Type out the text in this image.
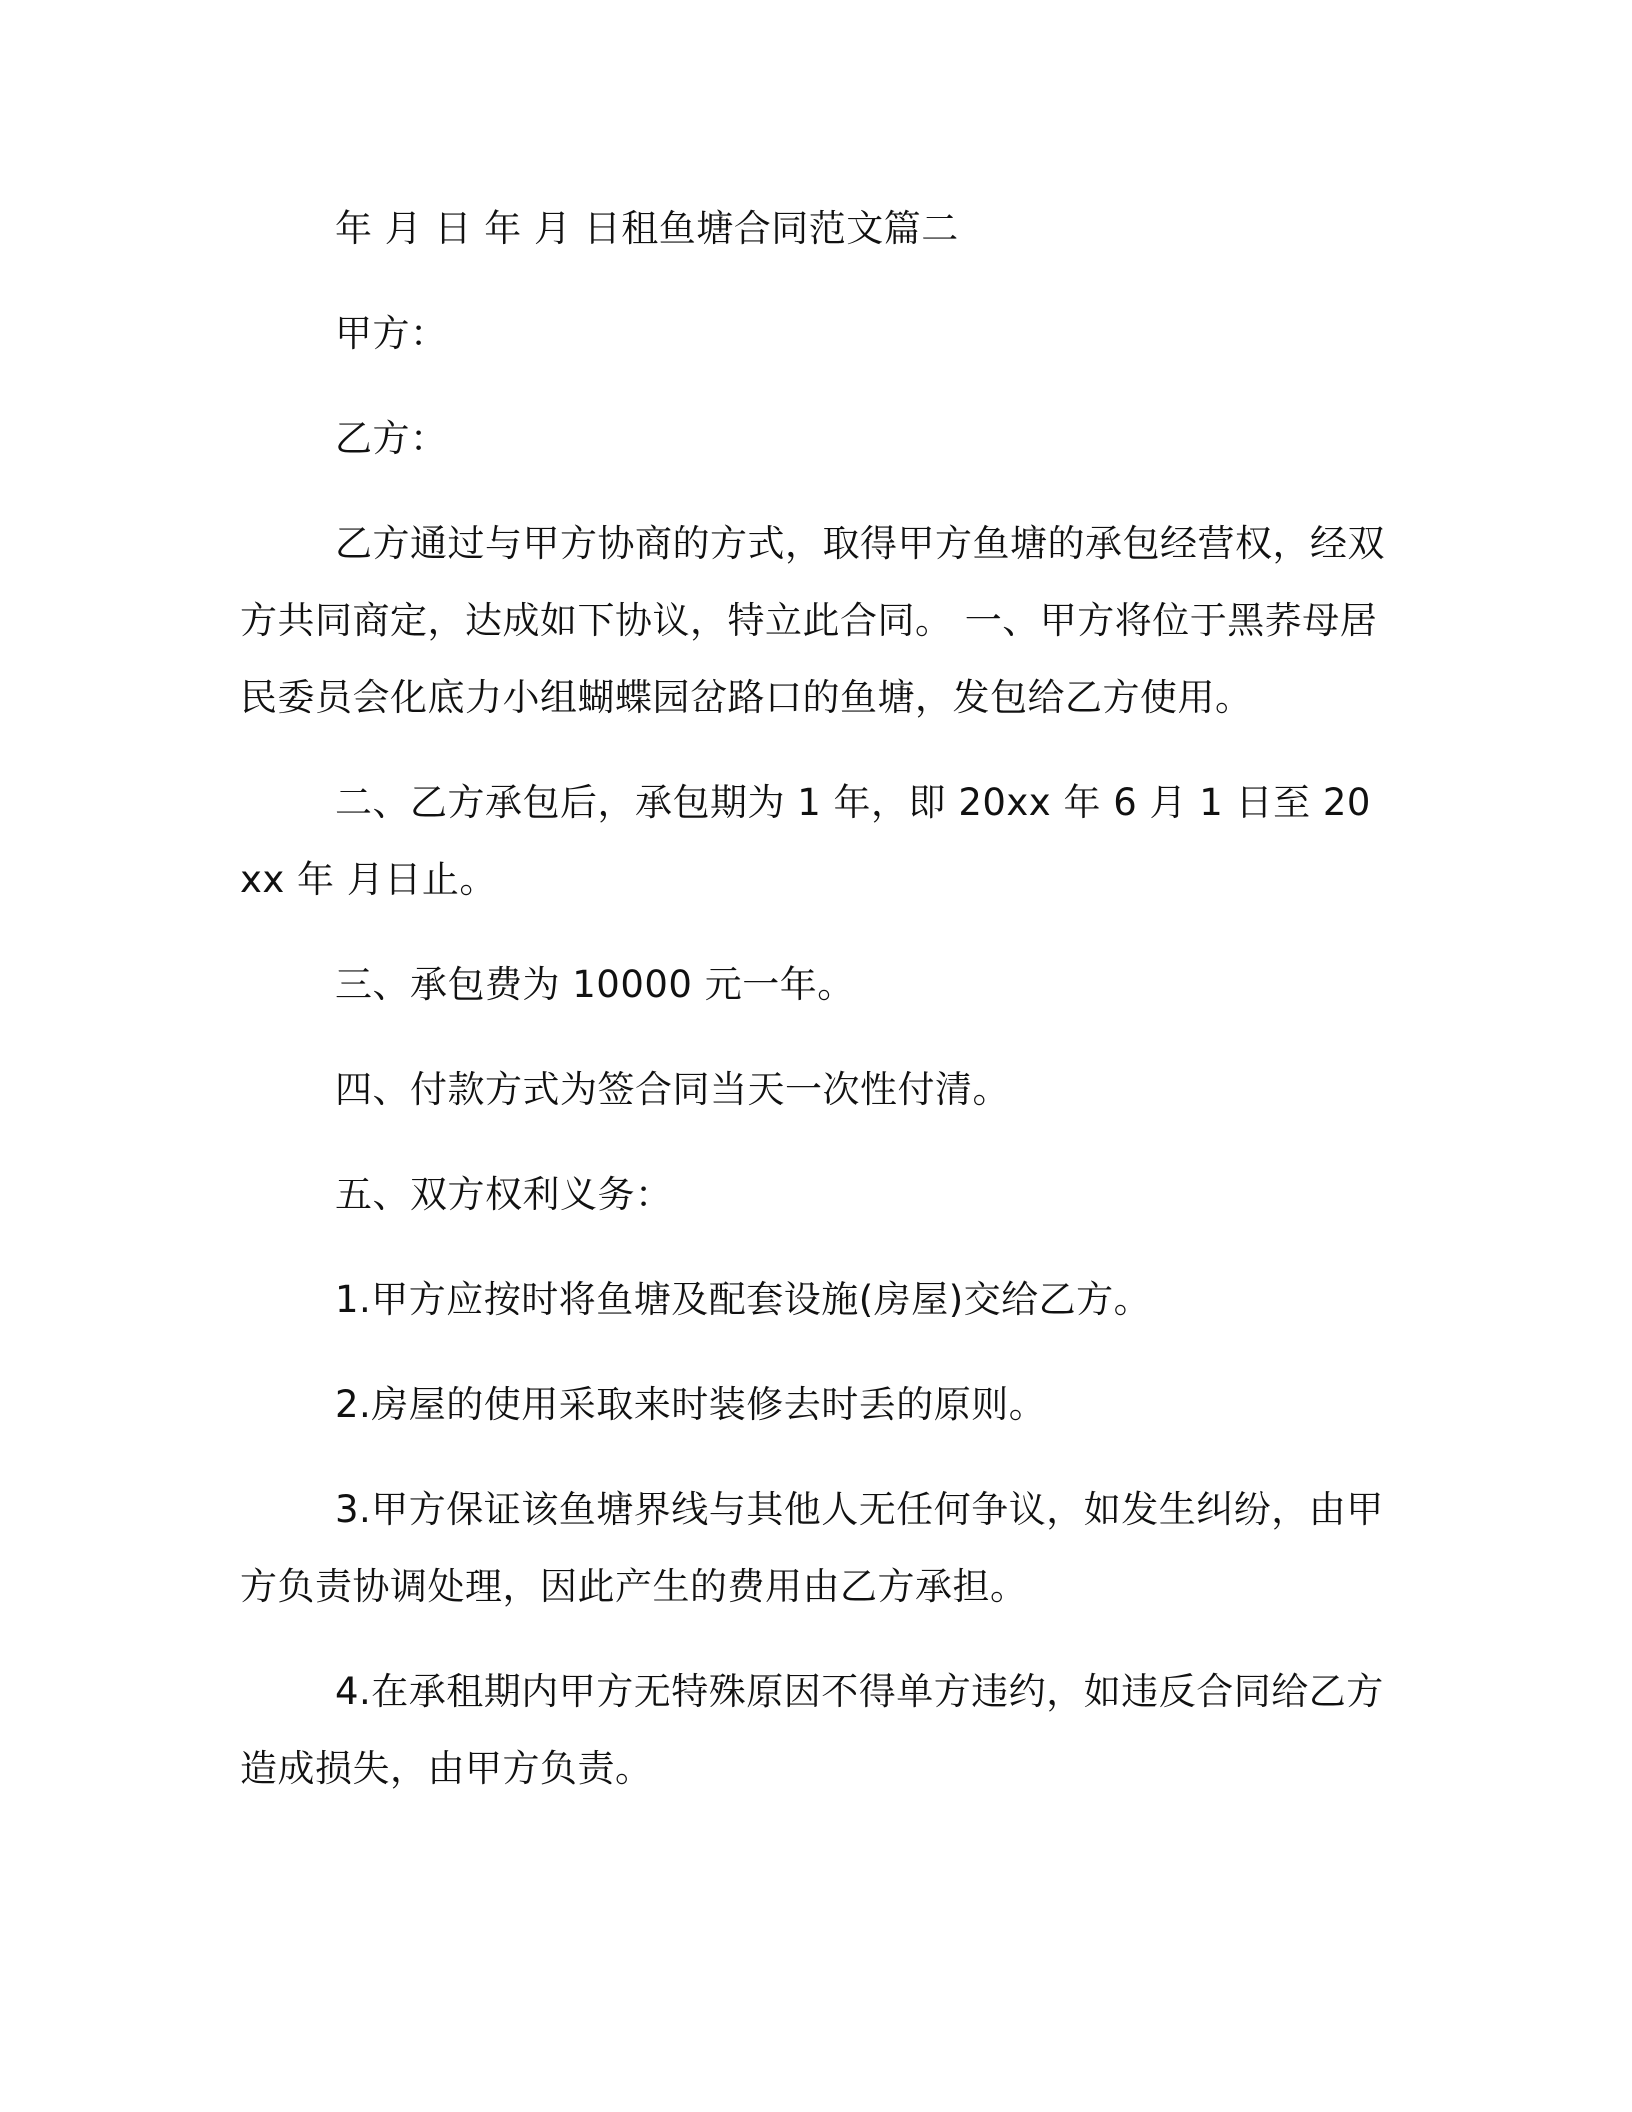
年 月 日 年 月 日租鱼塘合同范文篇二

甲方：

乙方：

乙方通过与甲方协商的方式，取得甲方鱼塘的承包经营权，经双方共同商定，达成如下协议，特立此合同。 一、甲方将位于黑荞母居民委员会化底力小组蝴蝶园岔路口的鱼塘，发包给乙方使用。

二、乙方承包后，承包期为 1 年，即 20xx 年 6 月 1 日至 20xx 年 月日止。

三、承包费为 10000 元一年。

四、付款方式为签合同当天一次性付清。

五、双方权利义务：

1.甲方应按时将鱼塘及配套设施(房屋)交给乙方。

2.房屋的使用采取来时装修去时丢的原则。

3.甲方保证该鱼塘界线与其他人无任何争议，如发生纠纷，由甲方负责协调处理，因此产生的费用由乙方承担。

4.在承租期内甲方无特殊原因不得单方违约，如违反合同给乙方造成损失，由甲方负责。
